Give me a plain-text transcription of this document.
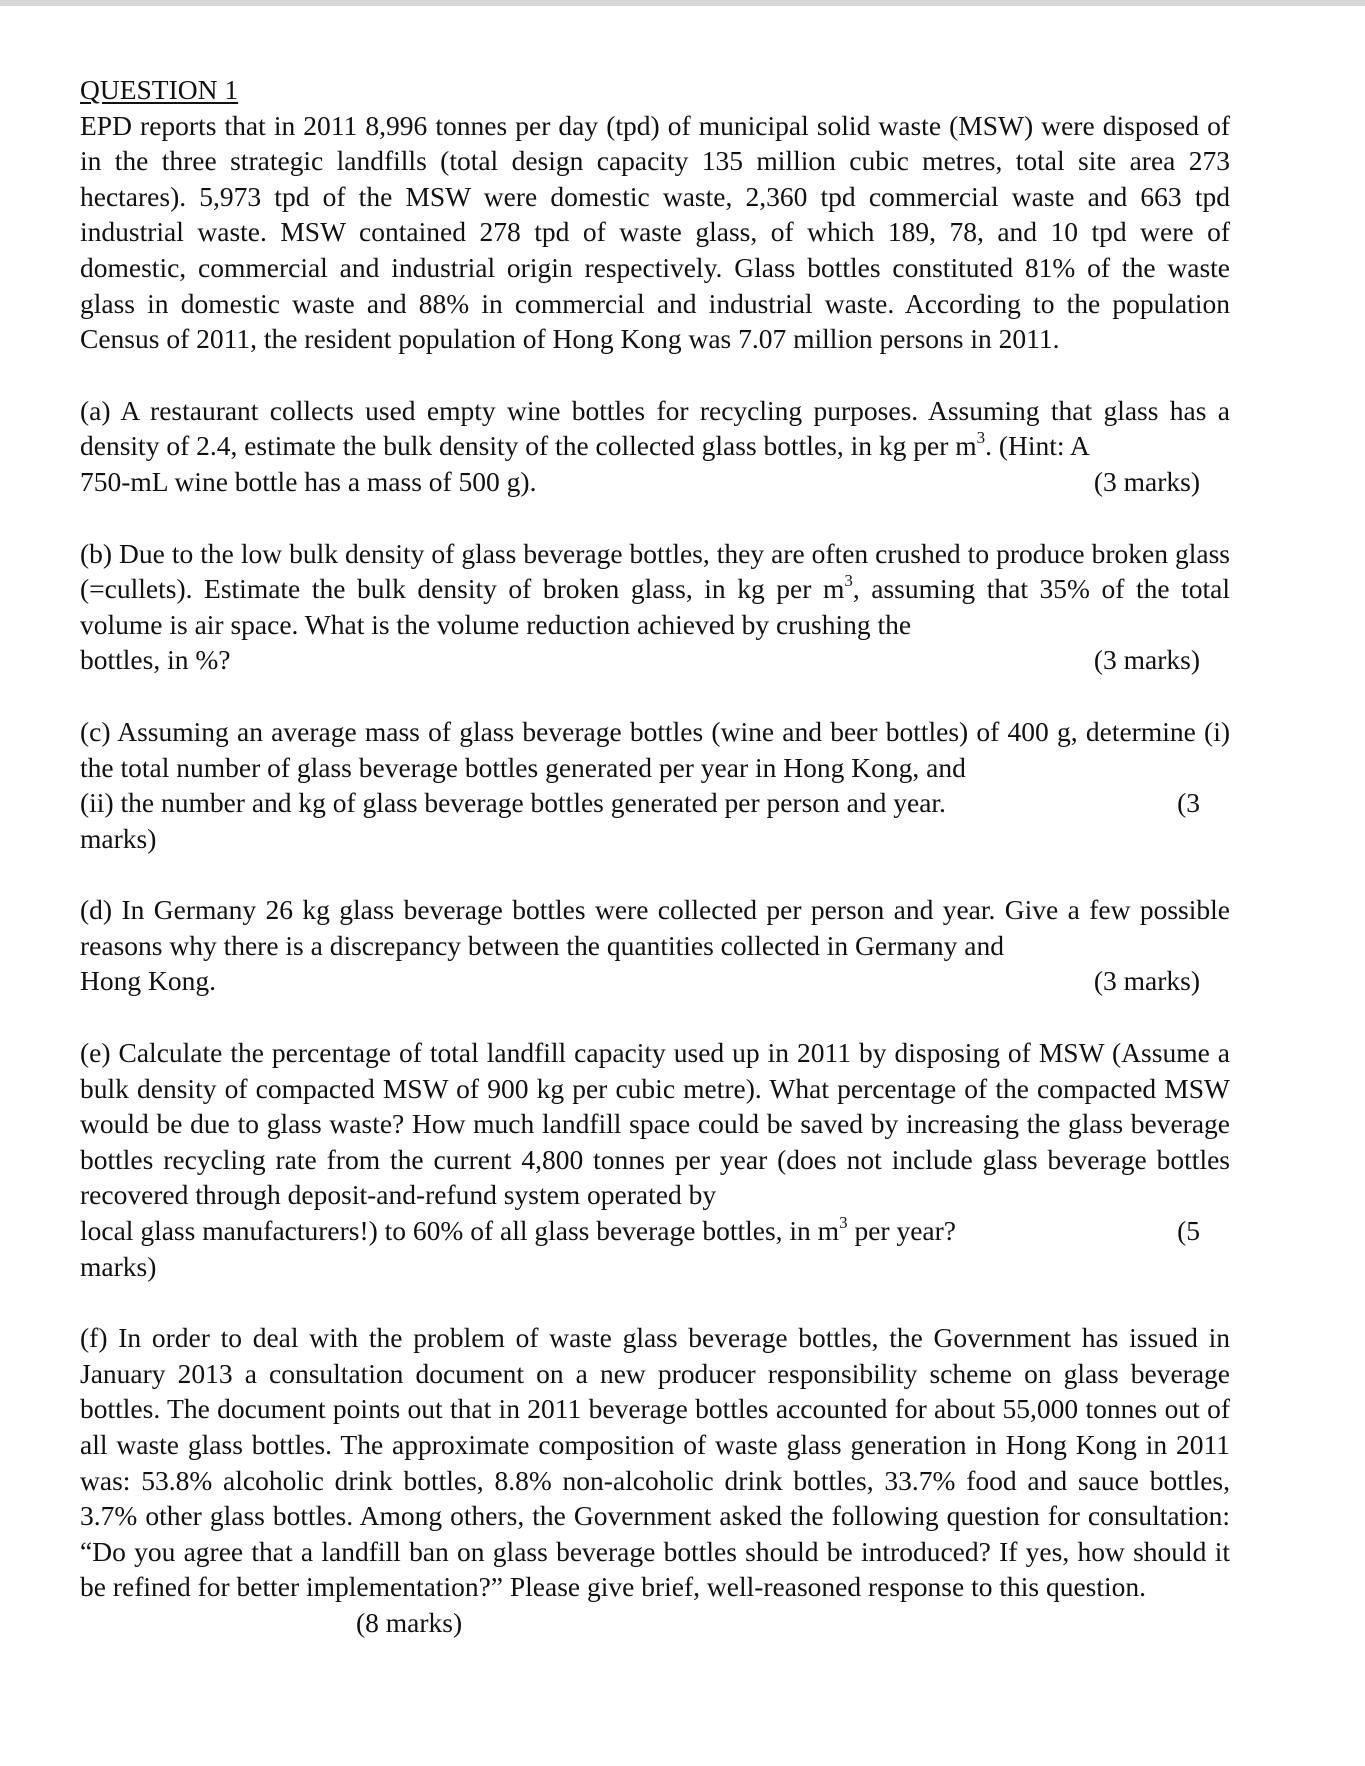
QUESTION 1

EPD reports that in 2011 8,996 tonnes per day (tpd) of municipal solid waste (MSW) were disposed of in the three strategic landfills (total design capacity 135 million cubic metres, total site area 273 hectares). 5,973 tpd of the MSW were domestic waste, 2,360 tpd commercial waste and 663 tpd industrial waste. MSW contained 278 tpd of waste glass, of which 189, 78, and 10 tpd were of domestic, commercial and industrial origin respectively. Glass bottles constituted 81% of the waste glass in domestic waste and 88% in commercial and industrial waste. According to the population Census of 2011, the resident population of Hong Kong was 7.07 million persons in 2011.

(a) A restaurant collects used empty wine bottles for recycling purposes. Assuming that glass has a density of 2.4, estimate the bulk density of the collected glass bottles, in kg per $m^3$. (Hint: A

750-mL wine bottle has a mass of 500 g).	(3 marks)

(b) Due to the low bulk density of glass beverage bottles, they are often crushed to produce broken glass (=cullets). Estimate the bulk density of broken glass, in kg per $m^3$, assuming that 35% of the total volume is air space. What is the volume reduction achieved by crushing the

bottles, in %?	(3 marks)

(c) Assuming an average mass of glass beverage bottles (wine and beer bottles) of 400 g, determine (i) the total number of glass beverage bottles generated per year in Hong Kong, and

(ii) the number and kg of glass beverage bottles generated per person and year.	(3

marks)

(d) In Germany 26 kg glass beverage bottles were collected per person and year. Give a few possible reasons why there is a discrepancy between the quantities collected in Germany and

Hong Kong.	(3 marks)

(e) Calculate the percentage of total landfill capacity used up in 2011 by disposing of MSW (Assume a bulk density of compacted MSW of 900 kg per cubic metre). What percentage of the compacted MSW would be due to glass waste? How much landfill space could be saved by increasing the glass beverage bottles recycling rate from the current 4,800 tonnes per year (does not include glass beverage bottles recovered through deposit-and-refund system operated by

local glass manufacturers!) to 60% of all glass beverage bottles, in $m^3$ per year?	(5

marks)

(f) In order to deal with the problem of waste glass beverage bottles, the Government has issued in January 2013 a consultation document on a new producer responsibility scheme on glass beverage bottles. The document points out that in 2011 beverage bottles accounted for about 55,000 tonnes out of all waste glass bottles. The approximate composition of waste glass generation in Hong Kong in 2011 was: 53.8% alcoholic drink bottles, 8.8% non-alcoholic drink bottles, 33.7% food and sauce bottles, 3.7% other glass bottles. Among others, the Government asked the following question for consultation: “Do you agree that a landfill ban on glass beverage bottles should be introduced? If yes, how should it be refined for better implementation?” Please give brief, well-reasoned response to this question.

(8 marks)
